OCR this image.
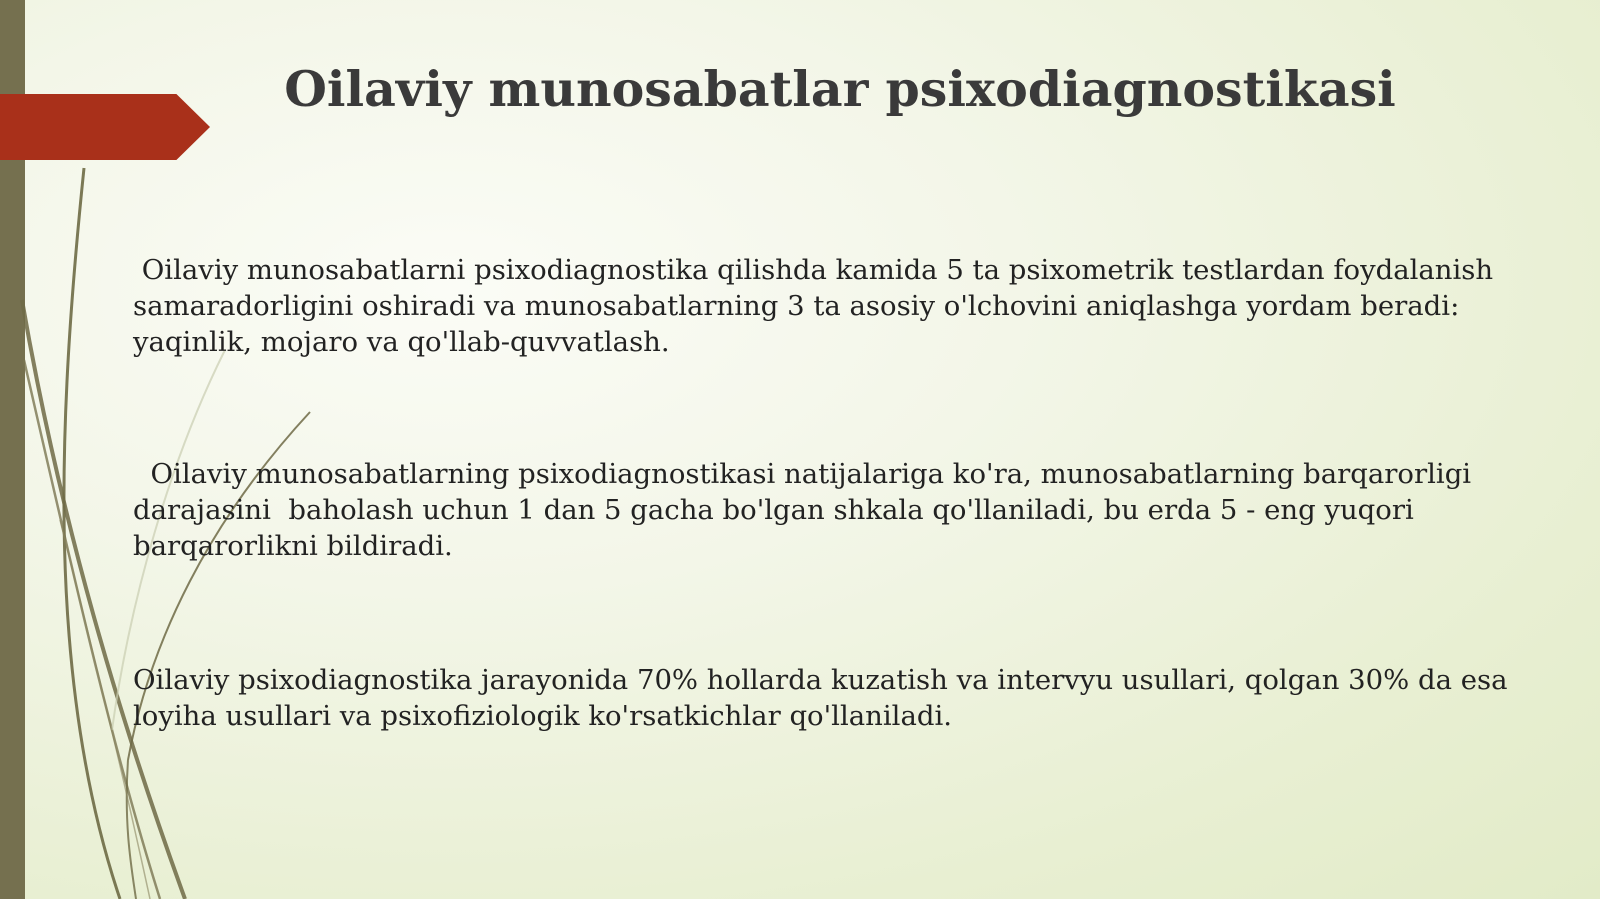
Oilaviy munosabatlar psixodiagnostikasi

Oilaviy munosabatlarni psixodiagnostika qilishda kamida 5 ta psixometrik testlardan foydalanish samaradorligini oshiradi va munosabatlarning 3 ta asosiy o'lchovini aniqlashga yordam beradi: yaqinlik, mojaro va qo'llab-quvvatlash.

Oilaviy munosabatlarning psixodiagnostikasi natijalariga ko'ra, munosabatlarning barqarorligi darajasini  baholash uchun 1 dan 5 gacha bo'lgan shkala qo'llaniladi, bu erda 5 - eng yuqori barqarorlikni bildiradi.

Oilaviy psixodiagnostika jarayonida 70% hollarda kuzatish va intervyu usullari, qolgan 30% da esa loyiha usullari va psixofiziologik ko'rsatkichlar qo'llaniladi.
